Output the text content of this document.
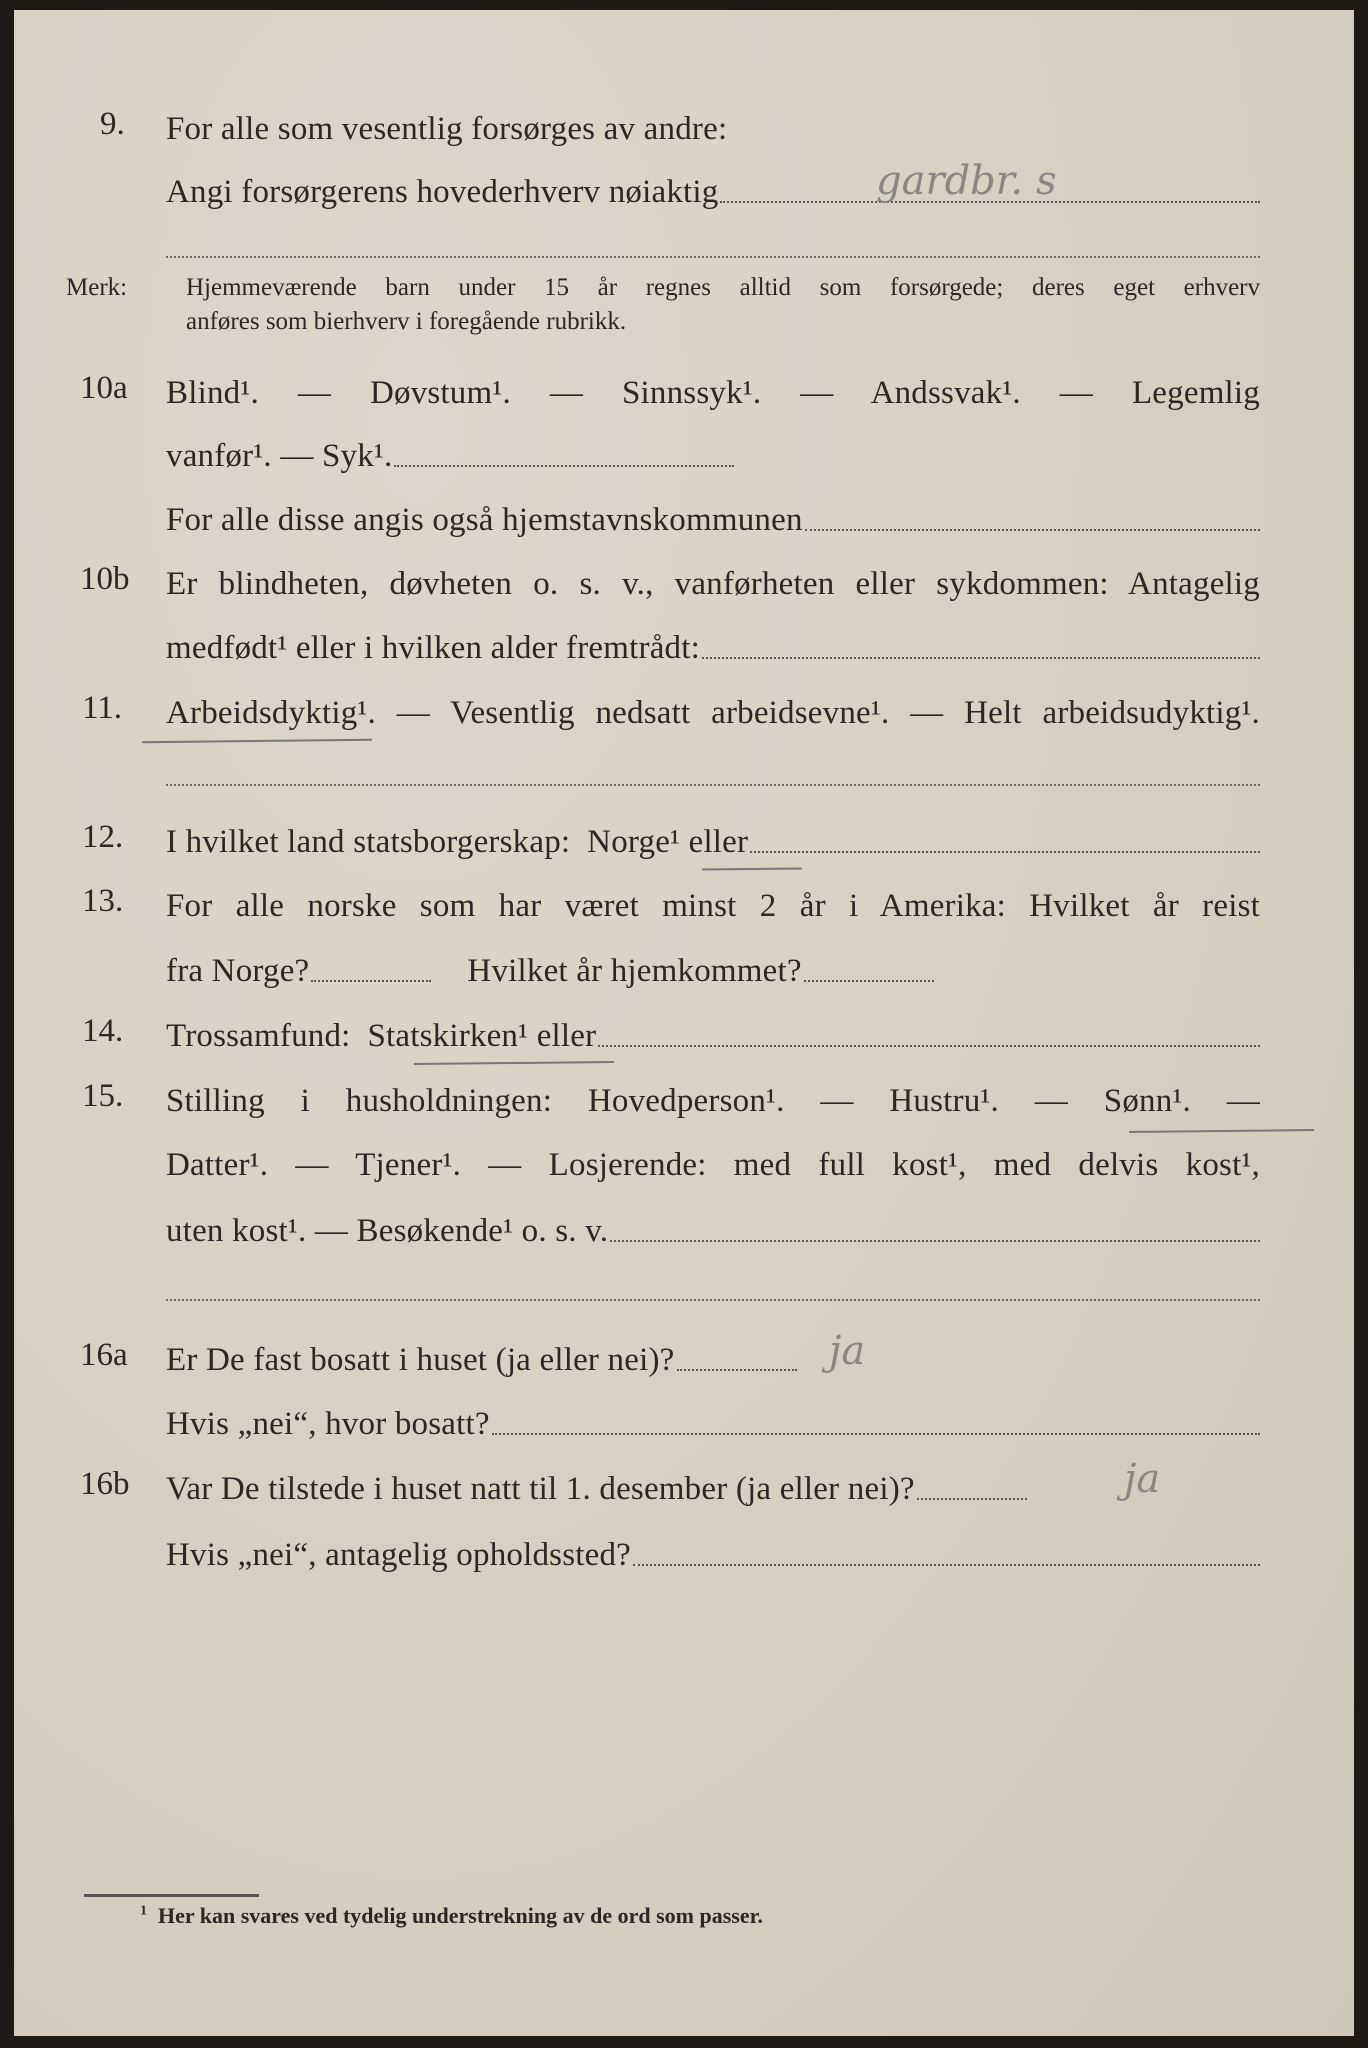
9. For alle som vesentlig forsørges av andre:
Angi forsørgerens hovederhverv nøiaktig	gardbr. s
Merk: Hjemmeværende barn under 15 år regnes alltid som forsørgede; deres eget erhverv
anføres som bierhverv i foregående rubrikk.
10a Blind¹. — Døvstum¹. — Sinnssyk¹. — Andssvak¹. — Legemlig
vanfør¹. — Syk¹.
For alle disse angis også hjemstavnskommunen
10b Er blindheten, døvheten o. s. v., vanførheten eller sykdommen: Antagelig
medfødt¹ eller i hvilken alder fremtrådt:
11. Arbeidsdyktig¹. — Vesentlig nedsatt arbeidsevne¹. — Helt arbeidsudyktig¹.
12. I hvilket land statsborgerskap:
Norge¹
eller
13. For alle norske som har været minst 2 år i Amerika: Hvilket år reist
fra Norge?	Hvilket år hjemkommet?
14. Trossamfund:
Statskirken¹
eller
15. Stilling i husholdningen: Hovedperson¹. — Hustru¹. — Sønn¹. —
Datter¹. — Tjener¹. — Losjerende: med full kost¹, med delvis kost¹,
uten kost¹. — Besøkende¹ o. s. v.
16a Er De fast bosatt i huset (ja eller nei)?	ja
Hvis „nei“, hvor bosatt?
16b Var De tilstede i huset natt til 1. desember (ja eller nei)?	ja
Hvis „nei“, antagelig opholdssted?
$^1$ Her kan svares ved tydelig understrekning av de ord som passer.
